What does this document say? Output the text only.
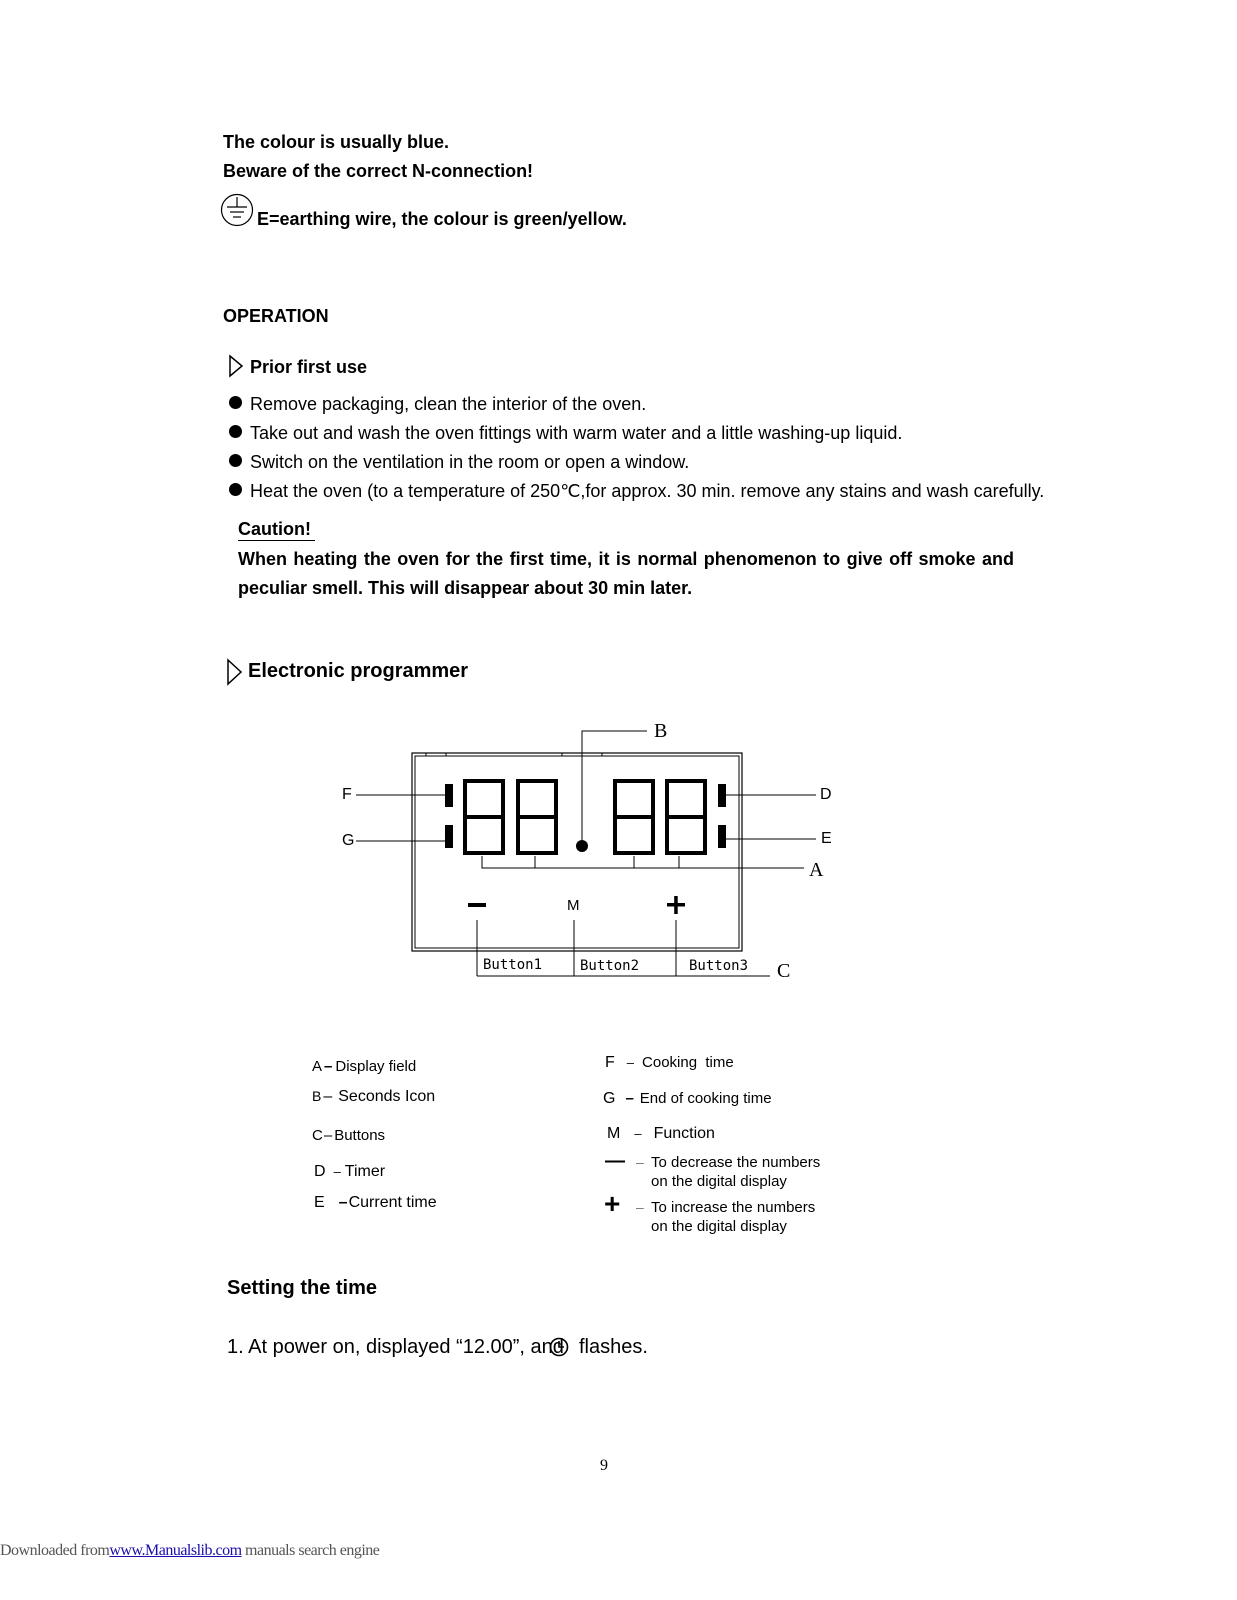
The colour is usually blue.
Beware of the correct N-connection!
E=earthing wire, the colour is green/yellow.
OPERATION
Prior first use
Remove packaging, clean the interior of the oven.
Take out and wash the oven fittings with warm water and a little washing-up liquid.
Switch on the ventilation in the room or open a window.
Heat the oven (to a temperature of 250℃,for approx. 30 min. remove any stains and wash carefully.
Caution!
When heating the oven for the first time, it is normal phenomenon to give off smoke and peculiar smell. This will disappear about 30 min later.
Electronic programmer
B
F
G
D
E
A
M
Button1	Button2	Button3 C
A – Display field
B – Seconds Icon
C– Buttons
D – Timer
E –Current time
F – Cooking  time
G – End of cooking time
M – Function
— – To decrease the numbers
on the digital display
+	– To increase the numbers
on the digital display
Setting the time
1. At power on, displayed “12.00”, and flashes.
9
Downloaded fromwww.Manualslib.com manuals search engine
